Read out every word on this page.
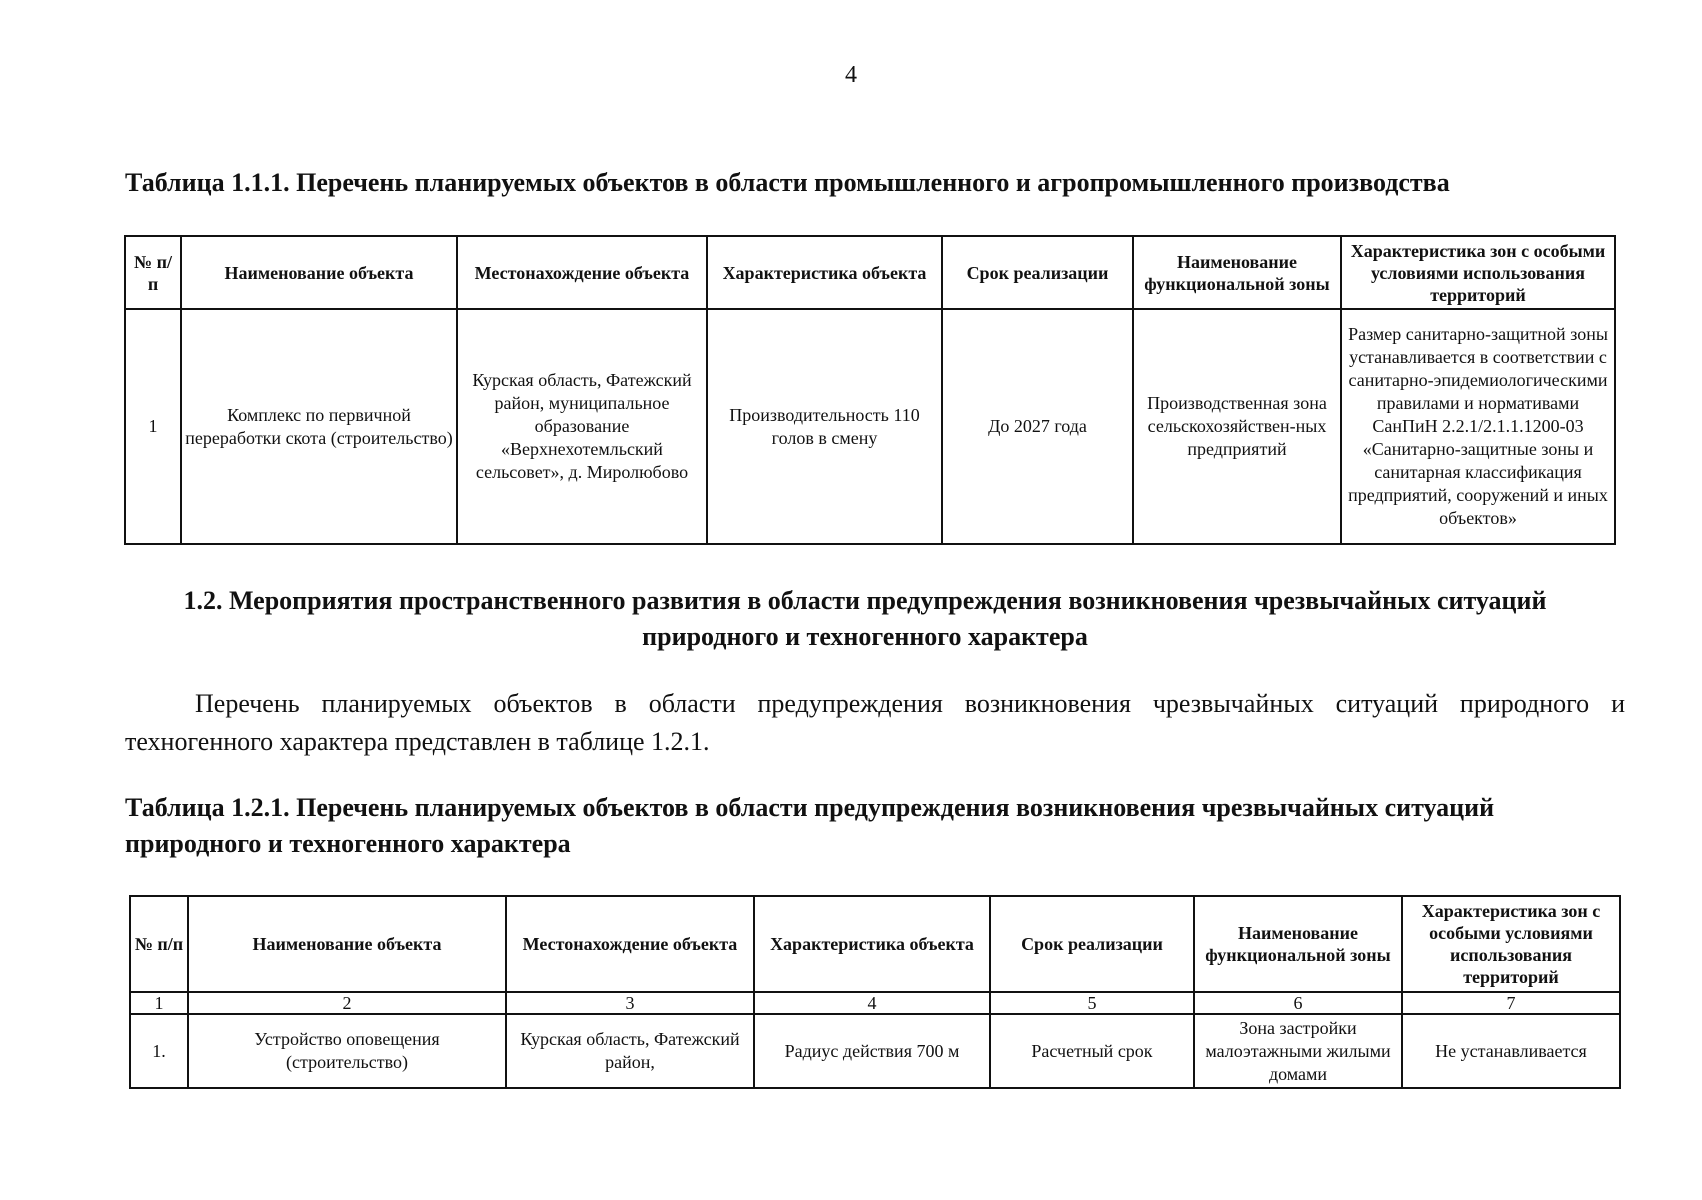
4

Таблица 1.1.1. Перечень планируемых объектов в области промышленного и агропромышленного производства

№ п/п	Наименование объекта	Местонахождение объекта	Характеристика объекта	Срок реализации	Наименование функциональной зоны	Характеристика зон с особыми условиями использования территорий
1	Комплекс по первичной переработки скота (строительство)	Курская область, Фатежский район, муниципальное образование «Верхнехотемльский сельсовет», д. Миролюбово	Производительность 110 голов в смену	До 2027 года	Производственная зона сельскохозяйствен-ных предприятий	Размер санитарно-защитной зоны устанавливается в соответствии с санитарно-эпидемиологическими правилами и нормативами СанПиН 2.2.1/2.1.1.1200-03 «Санитарно-защитные зоны и санитарная классификация предприятий, сооружений и иных объектов»

1.2. Мероприятия пространственного развития в области предупреждения возникновения чрезвычайных ситуаций природного и техногенного характера

Перечень планируемых объектов в области предупреждения возникновения чрезвычайных ситуаций природного и техногенного характера представлен в таблице 1.2.1.

Таблица 1.2.1. Перечень планируемых объектов в области предупреждения возникновения чрезвычайных ситуаций природного и техногенного характера

№ п/п	Наименование объекта	Местонахождение объекта	Характеристика объекта	Срок реализации	Наименование функциональной зоны	Характеристика зон с особыми условиями использования территорий
1	2	3	4	5	6	7
1.	Устройство оповещения (строительство)	Курская область, Фатежский район,	Радиус действия 700 м	Расчетный срок	Зона застройки малоэтажными жилыми домами	Не устанавливается
